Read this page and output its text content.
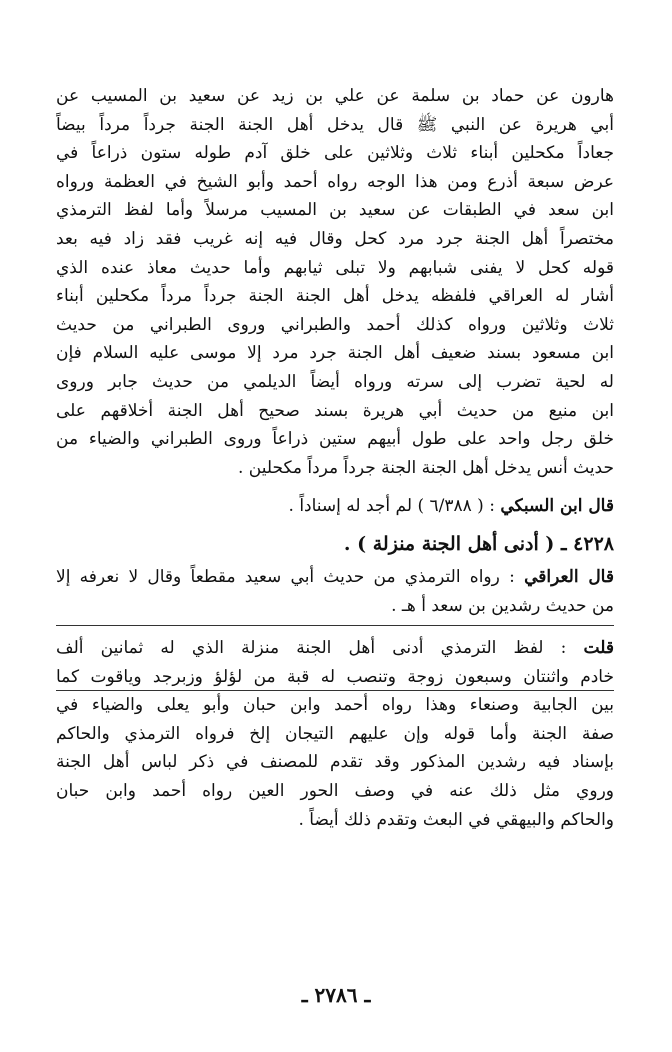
هارون عن حماد بن سلمة عن علي بن زيد عن سعيد بن المسيب عن
أبي هريرة عن النبي ﷺ قال يدخل أهل الجنة الجنة جرداً مرداً بيضاً
جعاداً مكحلين أبناء ثلاث وثلاثين على خلق آدم طوله ستون ذراعاً في
عرض سبعة أذرع ومن هذا الوجه رواه أحمد وأبو الشيخ في العظمة ورواه
ابن سعد في الطبقات عن سعيد بن المسيب مرسلاً وأما لفظ الترمذي
مختصراً أهل الجنة جرد مرد كحل وقال فيه إنه غريب فقد زاد فيه بعد
قوله كحل لا يفنى شبابهم ولا تبلى ثيابهم وأما حديث معاذ عنده الذي
أشار له العراقي فلفظه يدخل أهل الجنة الجنة جرداً مرداً مكحلين أبناء
ثلاث وثلاثين ورواه كذلك أحمد والطبراني وروى الطبراني من حديث
ابن مسعود بسند ضعيف أهل الجنة جرد مرد إلا موسى عليه السلام فإن
له لحية تضرب إلى سرته ورواه أيضاً الديلمي من حديث جابر وروى
ابن منيع من حديث أبي هريرة بسند صحيح أهل الجنة أخلاقهم على
خلق رجل واحد على طول أبيهم ستين ذراعاً وروى الطبراني والضياء من
حديث أنس يدخل أهل الجنة الجنة جرداً مرداً مكحلين .
قال ابن السبكي : ( ٦/٣٨٨ ) لم أجد له إسناداً .
٤٢٢٨ ـ ( أدنى أهل الجنة منزلة ) .
قال العراقي : رواه الترمذي من حديث أبي سعيد مقطعاً وقال لا نعرفه إلا
من حديث رشدين بن سعد أ هـ .
قلت : لفظ الترمذي أدنى أهل الجنة منزلة الذي له ثمانين ألف
خادم واثنتان وسبعون زوجة وتنصب له قبة من لؤلؤ وزبرجد وياقوت كما
بين الجابية وصنعاء وهذا رواه أحمد وابن حبان وأبو يعلى والضياء في
صفة الجنة وأما قوله وإن عليهم التيجان إلخ فرواه الترمذي والحاكم
بإسناد فيه رشدين المذكور وقد تقدم للمصنف في ذكر لباس أهل الجنة
وروي مثل ذلك عنه في وصف الحور العين رواه أحمد وابن حبان
والحاكم والبيهقي في البعث وتقدم ذلك أيضاً .
ـ ٢٧٨٦ ـ
